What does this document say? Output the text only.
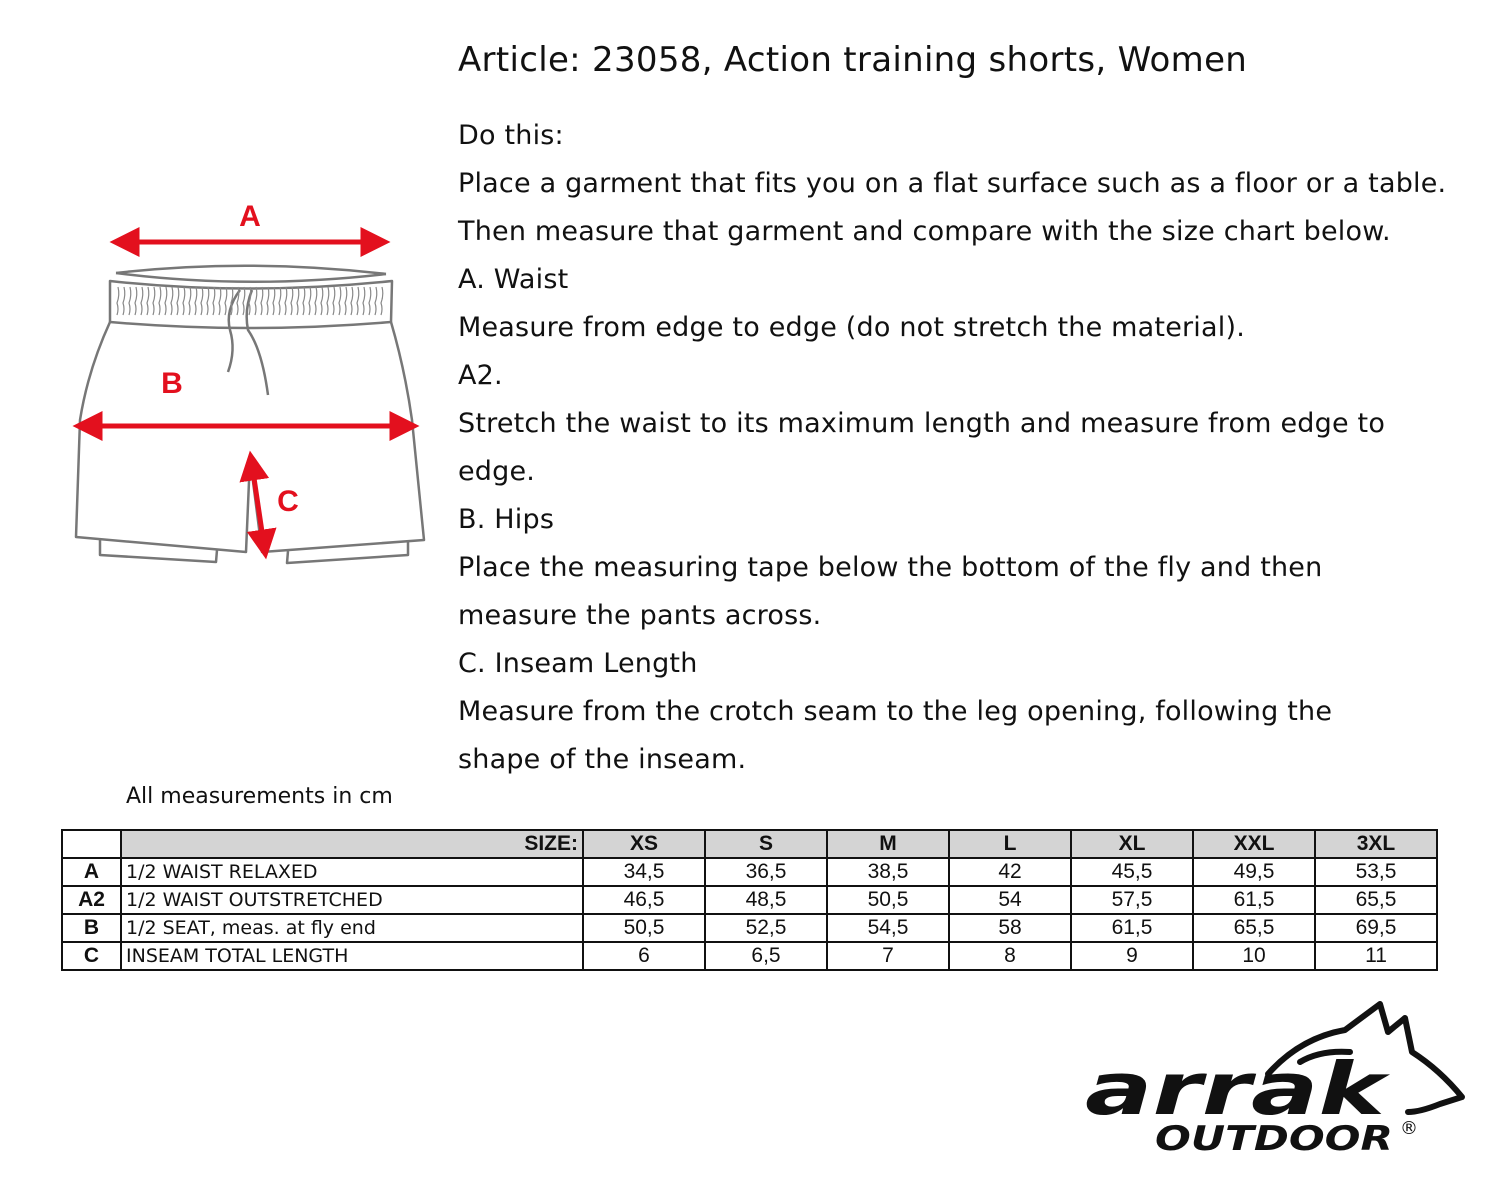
Article: 23058, Action training shorts, Women
Do this:
Place a garment that fits you on a flat surface such as a floor or a table.
Then measure that garment and compare with the size chart below.
A. Waist
Measure from edge to edge (do not stretch the material).
A2.
Stretch the waist to its maximum length and measure from edge to
edge.
B. Hips
Place the measuring tape below the bottom of the fly and then
measure the pants across.
C. Inseam Length
Measure from the crotch seam to the leg opening, following the
shape of the inseam.
A
B
C
All measurements in cm
	SIZE:	XS	S	M	L	XL	XXL	3XL
A	1/2 WAIST RELAXED	34,5	36,5	38,5	42	45,5	49,5	53,5
A2	1/2 WAIST OUTSTRETCHED	46,5	48,5	50,5	54	57,5	61,5	65,5
B	1/2 SEAT, meas. at fly end	50,5	52,5	54,5	58	61,5	65,5	69,5
C	INSEAM TOTAL LENGTH	6	6,5	7	8	9	10	11
arrak
OUTDOOR ®
